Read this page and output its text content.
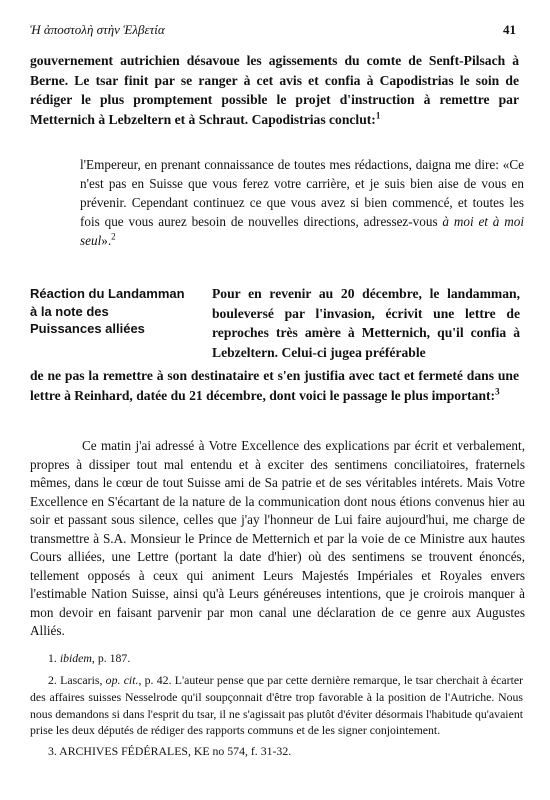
Ἡ ἀποστολὴ στὴν Ἑλβετία	41
gouvernement autrichien désavoue les agissements du comte de Senft-Pilsach à Berne. Le tsar finit par se ranger à cet avis et confia à Capodistrias le soin de rédiger le plus promptement possible le projet d'instruction à remettre par Metternich à Lebzeltern et à Schraut. Capodistrias conclut:$^1$
l'Empereur, en prenant connaissance de toutes mes rédactions, daigna me dire: «Ce n'est pas en Suisse que vous ferez votre carrière, et je suis bien aise de vous en prévenir. Cependant continuez ce que vous avez si bien commencé, et toutes les fois que vous aurez besoin de nouvelles directions, adressez-vous à moi et à moi seul».$^2$
Réaction du Landamman
à la note des
Puissances alliées
Pour en revenir au 20 décembre, le landamman, bouleversé par l'invasion, écrivit une lettre de reproches très amère à Metternich, qu'il confia à Lebzeltern. Celui-ci jugea préférable
de ne pas la remettre à son destinataire et s'en justifia avec tact et fermeté dans une lettre à Reinhard, datée du 21 décembre, dont voici le passage le plus important:$^3$
Ce matin j'ai adressé à Votre Excellence des explications par écrit et verbalement, propres à dissiper tout mal entendu et à exciter des sentimens conciliatoires, fraternels mêmes, dans le cœur de tout Suisse ami de Sa patrie et de ses véritables intérets. Mais Votre Excellence en S'écartant de la nature de la communication dont nous étions convenus hier au soir et passant sous silence, celles que j'ay l'honneur de Lui faire aujourd'hui, me charge de transmettre à S.A. Monsieur le Prince de Metternich et par la voie de ce Ministre aux hautes Cours alliées, une Lettre (portant la date d'hier) où des sentimens se trouvent énoncés, tellement opposés à ceux qui animent Leurs Majestés Impériales et Royales envers l'estimable Nation Suisse, ainsi qu'à Leurs généreuses intentions, que je croirois manquer à mon devoir en faisant parvenir par mon canal une déclaration de ce genre aux Augustes Alliés.
1. ibidem, p. 187.
2. Lascaris, op. cit., p. 42. L'auteur pense que par cette dernière remarque, le tsar cherchait à écarter des affaires suisses Nesselrode qu'il soupçonnait d'être trop favorable à la position de l'Autriche. Nous nous demandons si dans l'esprit du tsar, il ne s'agissait pas plutôt d'éviter désormais l'habitude qu'avaient prise les deux députés de rédiger des rapports communs et de les signer conjointement.
3. ARCHIVES FÉDÉRALES, KE no 574, f. 31-32.
